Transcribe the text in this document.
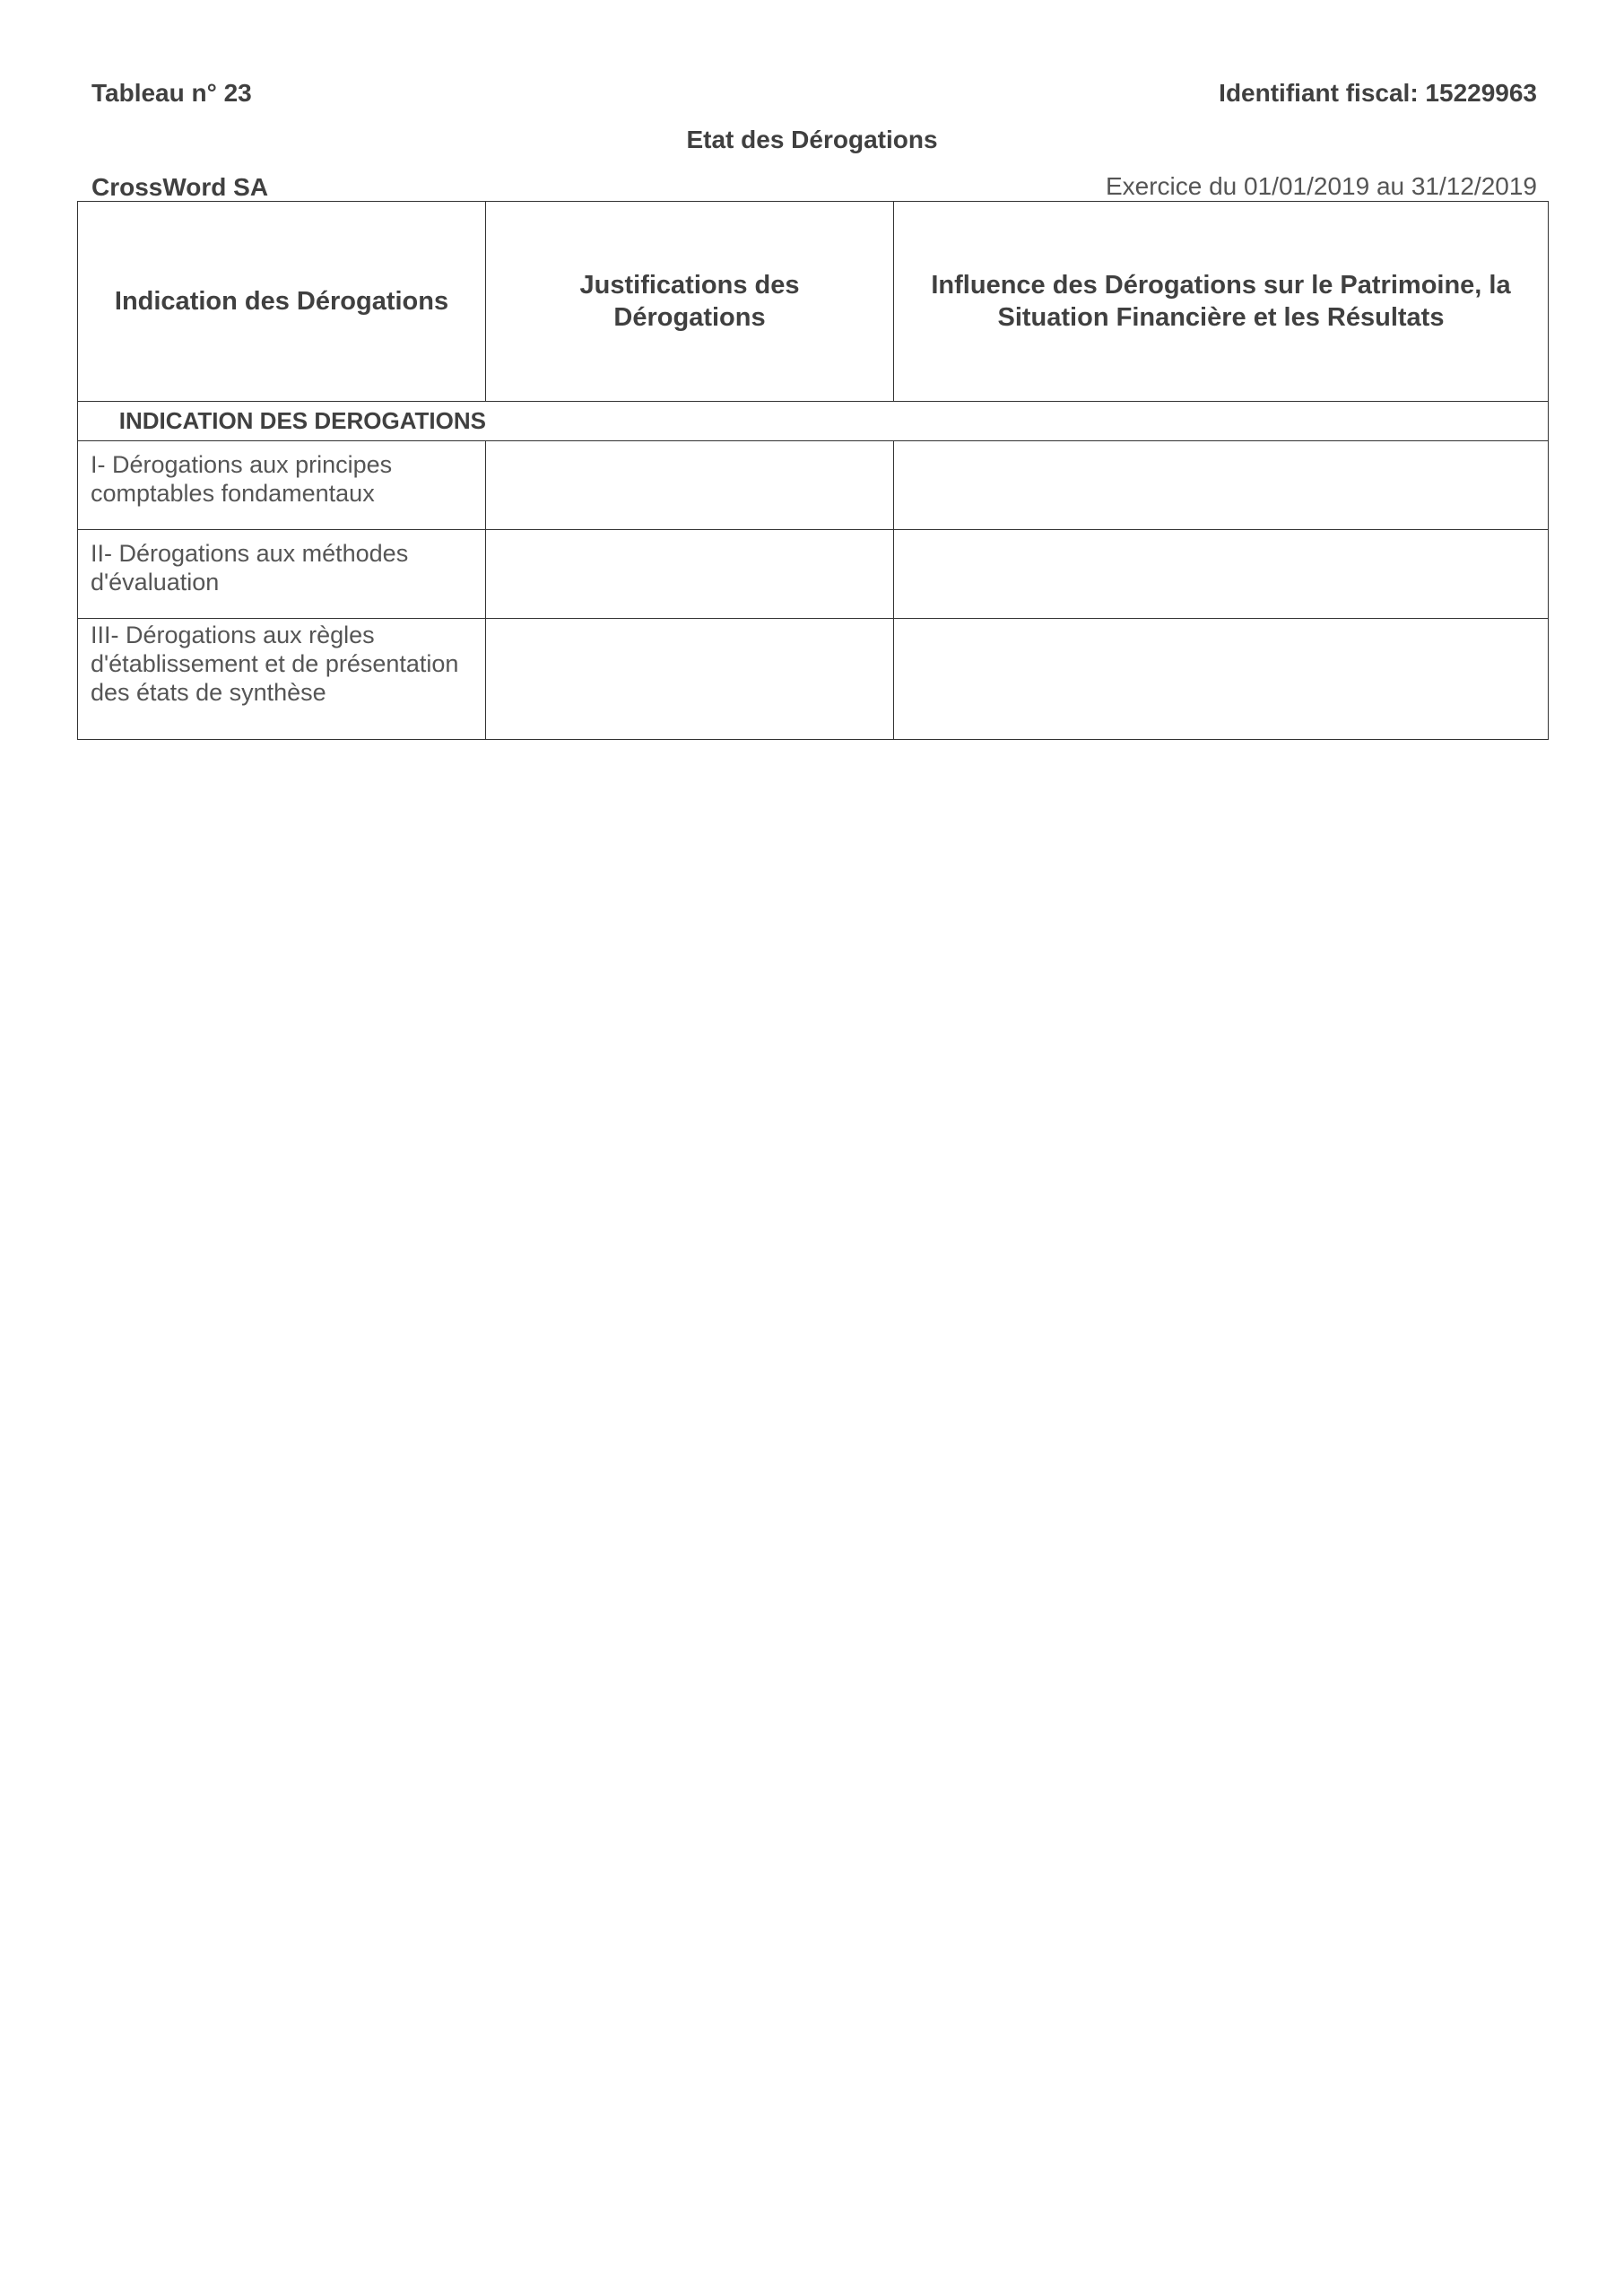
Tableau n° 23	Identifiant fiscal: 15229963
Etat des Dérogations
CrossWord SA	Exercice du 01/01/2019 au 31/12/2019
Indication des Dérogations	Justifications des Dérogations	Influence des Dérogations sur le Patrimoine, la Situation Financière et les Résultats

INDICATION DES DEROGATIONS		

I- Dérogations aux principes comptables fondamentaux		
II- Dérogations aux méthodes d'évaluation		
III- Dérogations aux règles d'établissement et de présentation des états de synthèse		
